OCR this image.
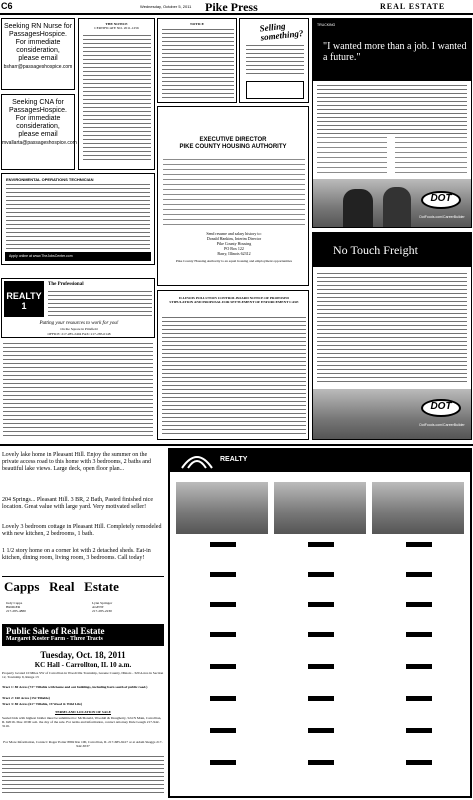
C6	Wednesday, October 5, 2011	Pike Press	REAL ESTATE
Seeking RN Nurse for
PassagesHospice.
For immediate
consideration,
please email
bsharr@passageshospice.com
Seeking CNA for
PassagesHospice.
For immediate
consideration,
please email
mvallarta@passageshospice.com
THE NOTICE
CERTIFICATE NO. 2011-1256
NOTICE	Selling something?
EXECUTIVE DIRECTOR
PIKE COUNTY HOUSING AUTHORITY
Send resume and salary history to:
Donald Hankins, Interim Director
Pike County Housing
PO Box 122
Barry, Illinois 62312
Pike County Housing Authority is an equal housing and employment opportunities
ENVIRONMENTAL OPERATIONS TECHNICIAN
Apply online at www.TheJobsCenter.com
REALTY 1
The Professional
Putting your resources to work for you!
On the Square in Pittsfield
OFFICE: 217-285-2404 FAX: 217-285-0148
ILLINOIS POLLUTION CONTROL BOARD NOTICE OF PROPOSED STIPULATION AND PROPOSAL FOR SETTLEMENT OF ENFORCEMENT CASE
TRUCKING
"I wanted more than a job. I wanted a future."
DOT
DotFoods.com/CareerBuilder
No Touch Freight
DOT
DotFoods.com/CareerBuilder
Lovely lake home in Pleasant Hill. Enjoy the summer on the private access road to this home with 3 bedrooms, 2 baths and beautiful lake views. Large deck, open floor plan...
204 Springs... Pleasant Hill. 3 BR, 2 Bath, Pasted finished nice location. Great value with large yard. Very motivated seller!
Lovely 3 bedroom cottage in Pleasant Hill. Completely remodeled with new kitchen, 2 bedrooms, 1 bath.
1 1/2 story home on a corner lot with 2 detached sheds. Eat-in kitchen, dining room, living room, 3 bedrooms. Call today!
Capps   Real   Estate
Judy Capps
BROKER
217-285-4880
Lynn Springer
AGENT
217-285-2230
Public Sale of Real Estate
Margaret Koster Farm - Three Tracts
Tuesday, Oct. 18, 2011
KC Hall - Carrollton, IL 10 a.m.
Property located 10 Miles SW of Carrollton in Woodville Township, Greene County, Illinois - 320 Acres in Section 12, Township 9, Range 13
Tract 1: 80 Acres (73+ Tillable with home and out buildings, including barn south of public road.)
Tract 2: 160 Acres (152 Tillable)
Tract 3: 80 Acres (61+ Tillable, 19 Wood & Wild Life)
TERMS AND LOCATION OF SALE
Sealed bids with highest bidder must be submitted to: McDonald, Woodall & Dougherty, 524 N Main, Carrollton, IL 62016. Due 10:00 a.m. the day of the sale. For terms and information, contact Attorney Dale Gough 217-942-3116.
For More Information, Contact: Roger Potter 8892 Rte 100, Carrollton, IL 217-685-9417 or at Adam Skaggs 217-942-6537
REALTY
